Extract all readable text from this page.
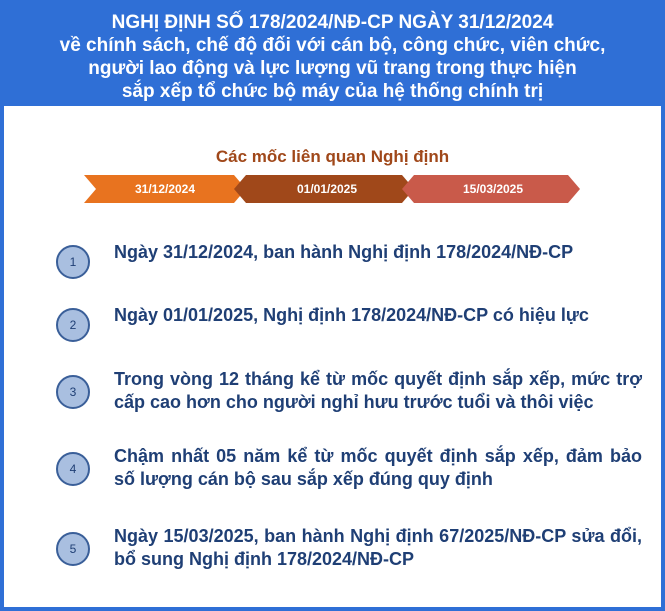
NGHỊ ĐỊNH SỐ 178/2024/NĐ-CP NGÀY 31/12/2024
về chính sách, chế độ đối với cán bộ, công chức, viên chức,
người lao động và lực lượng vũ trang trong thực hiện
sắp xếp tổ chức bộ máy của hệ thống chính trị
Các mốc liên quan Nghị định
31/12/2024	01/01/2025	15/03/2025
1	Ngày 31/12/2024, ban hành Nghị định 178/2024/NĐ-CP
2	Ngày 01/01/2025, Nghị định 178/2024/NĐ-CP có hiệu lực
3
Trong vòng 12 tháng kể từ mốc quyết định sắp xếp, mức trợ cấp cao hơn cho người nghỉ hưu trước tuổi và thôi việc
4
Chậm nhất 05 năm kể từ mốc quyết định sắp xếp, đảm bảo số lượng cán bộ sau sắp xếp đúng quy định
5
Ngày 15/03/2025, ban hành Nghị định 67/2025/NĐ-CP sửa đổi, bổ sung Nghị định 178/2024/NĐ-CP
